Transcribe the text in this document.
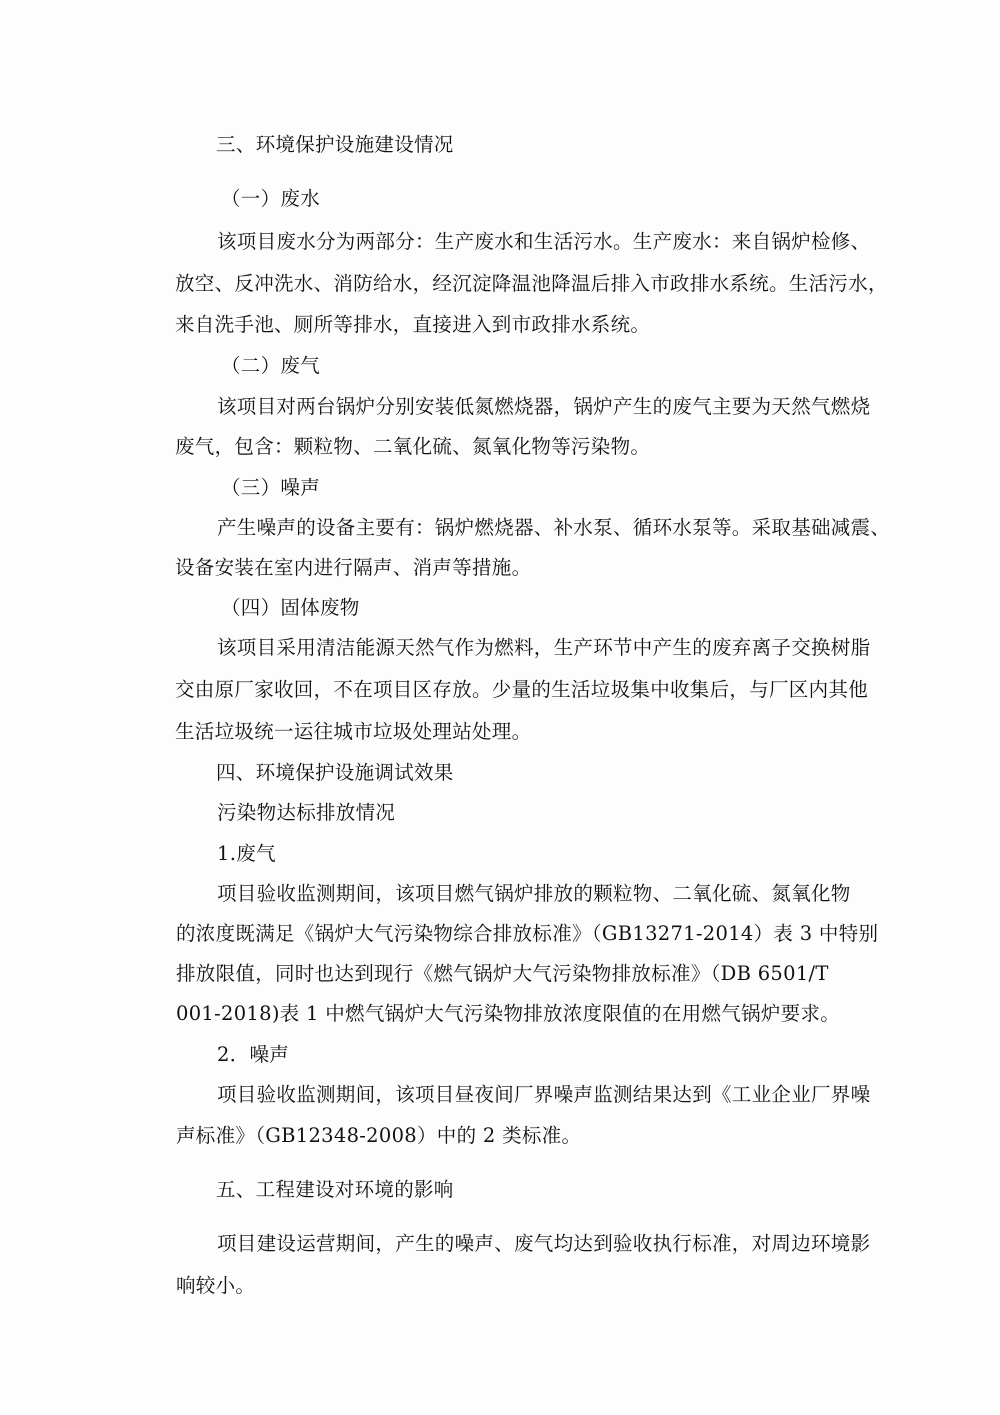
三、环境保护设施建设情况
（一）废水
该项目废水分为两部分：生产废水和生活污水。生产废水：来自锅炉检修、
放空、反冲洗水、消防给水，经沉淀降温池降温后排入市政排水系统。生活污水，
来自洗手池、厕所等排水，直接进入到市政排水系统。
（二）废气
该项目对两台锅炉分别安装低氮燃烧器，锅炉产生的废气主要为天然气燃烧
废气，包含：颗粒物、二氧化硫、氮氧化物等污染物。
（三）噪声
产生噪声的设备主要有：锅炉燃烧器、补水泵、循环水泵等。采取基础减震、
设备安装在室内进行隔声、消声等措施。
（四）固体废物
该项目采用清洁能源天然气作为燃料，生产环节中产生的废弃离子交换树脂
交由原厂家收回，不在项目区存放。少量的生活垃圾集中收集后，与厂区内其他
生活垃圾统一运往城市垃圾处理站处理。
四、环境保护设施调试效果
污染物达标排放情况
1.废气
项目验收监测期间，该项目燃气锅炉排放的颗粒物、二氧化硫、氮氧化物
的浓度既满足《锅炉大气污染物综合排放标准》（GB13271-2014）表 3 中特别
排放限值，同时也达到现行《燃气锅炉大气污染物排放标准》（DB 6501/T
001-2018)表 1 中燃气锅炉大气污染物排放浓度限值的在用燃气锅炉要求。
2．噪声
项目验收监测期间，该项目昼夜间厂界噪声监测结果达到《工业企业厂界噪
声标准》（GB12348-2008）中的 2 类标准。
五、工程建设对环境的影响
项目建设运营期间，产生的噪声、废气均达到验收执行标准，对周边环境影
响较小。
